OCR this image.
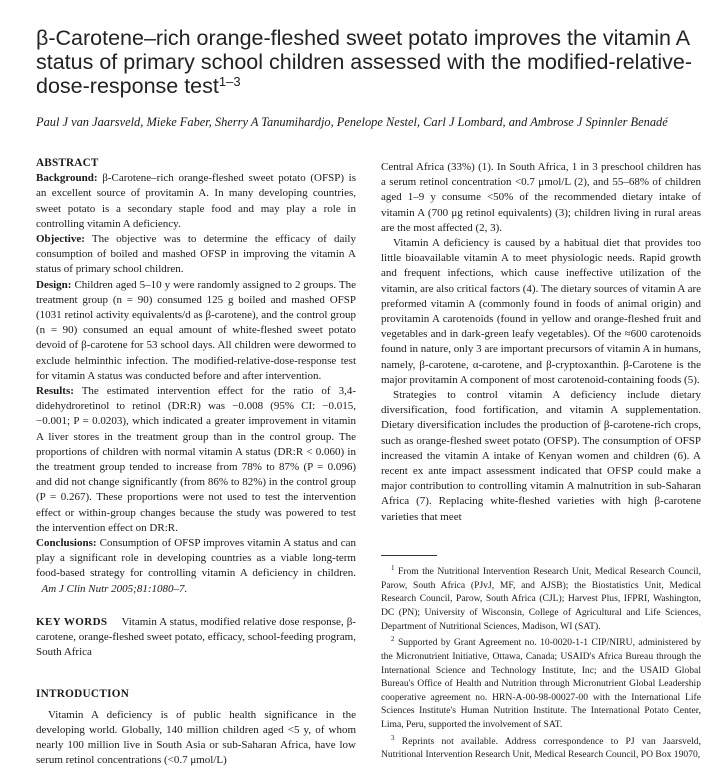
β-Carotene–rich orange-fleshed sweet potato improves the vitamin A status of primary school children assessed with the modified-relative-dose-response test$^{1-3}$

Paul J van Jaarsveld, Mieke Faber, Sherry A Tanumihardjo, Penelope Nestel, Carl J Lombard, and Ambrose J Spinnler Benadé

ABSTRACT

Background: β-Carotene–rich orange-fleshed sweet potato (OFSP) is an excellent source of provitamin A. In many developing countries, sweet potato is a secondary staple food and may play a role in controlling vitamin A deficiency.

Objective: The objective was to determine the efficacy of daily consumption of boiled and mashed OFSP in improving the vitamin A status of primary school children.

Design: Children aged 5–10 y were randomly assigned to 2 groups. The treatment group (n = 90) consumed 125 g boiled and mashed OFSP (1031 retinol activity equivalents/d as β-carotene), and the control group (n = 90) consumed an equal amount of white-fleshed sweet potato devoid of β-carotene for 53 school days. All children were dewormed to exclude helminthic infection. The modified-relative-dose-response test for vitamin A status was conducted before and after intervention.

Results: The estimated intervention effect for the ratio of 3,4-didehydroretinol to retinol (DR:R) was −0.008 (95% CI: −0.015, −0.001; P = 0.0203), which indicated a greater improvement in vitamin A liver stores in the treatment group than in the control group. The proportions of children with normal vitamin A status (DR:R < 0.060) in the treatment group tended to increase from 78% to 87% (P = 0.096) and did not change significantly (from 86% to 82%) in the control group (P = 0.267). These proportions were not used to test the intervention effect or within-group changes because the study was powered to test the intervention effect on DR:R.

Conclusions: Consumption of OFSP improves vitamin A status and can play a significant role in developing countries as a viable long-term food-based strategy for controlling vitamin A deficiency in children.   Am J Clin Nutr 2005;81:1080–7.

KEY WORDS Vitamin A status, modified relative dose response, β-carotene, orange-fleshed sweet potato, efficacy, school-feeding program, South Africa

INTRODUCTION

Vitamin A deficiency is of public health significance in the developing world. Globally, 140 million children aged <5 y, of whom nearly 100 million live in South Asia or sub-Saharan Africa, have low serum retinol concentrations (<0.7 μmol/L)

Central Africa (33%) (1). In South Africa, 1 in 3 preschool children has a serum retinol concentration <0.7 μmol/L (2), and 55–68% of children aged 1–9 y consume <50% of the recommended dietary intake of vitamin A (700 μg retinol equivalents) (3); children living in rural areas are the most affected (2, 3).

Vitamin A deficiency is caused by a habitual diet that provides too little bioavailable vitamin A to meet physiologic needs. Rapid growth and frequent infections, which cause ineffective utilization of the vitamin, are also critical factors (4). The dietary sources of vitamin A are preformed vitamin A (commonly found in foods of animal origin) and provitamin A carotenoids (found in yellow and orange-fleshed fruit and vegetables and in dark-green leafy vegetables). Of the ≈600 carotenoids found in nature, only 3 are important precursors of vitamin A in humans, namely, β-carotene, α-carotene, and β-cryptoxanthin. β-Carotene is the major provitamin A component of most carotenoid-containing foods (5).

Strategies to control vitamin A deficiency include dietary diversification, food fortification, and vitamin A supplementation. Dietary diversification includes the production of β-carotene-rich crops, such as orange-fleshed sweet potato (OFSP). The consumption of OFSP increased the vitamin A intake of Kenyan women and children (6). A recent ex ante impact assessment indicated that OFSP could make a major contribution to controlling vitamin A malnutrition in sub-Saharan Africa (7). Replacing white-fleshed varieties with high β-carotene varieties that meet

$^1$ From the Nutritional Intervention Research Unit, Medical Research Council, Parow, South Africa (PJvJ, MF, and AJSB); the Biostatistics Unit, Medical Research Council, Parow, South Africa (CJL); Harvest Plus, IFPRI, Washington, DC (PN); University of Wisconsin, College of Agricultural and Life Sciences, Department of Nutritional Sciences, Madison, WI (SAT).

$^2$ Supported by Grant Agreement no. 10-0020-1-1 CIP/NIRU, administered by the Micronutrient Initiative, Ottawa, Canada; USAID's Africa Bureau through the International Science and Technology Institute, Inc; and the USAID Global Bureau's Office of Health and Nutrition through Micronutrient Global Leadership cooperative agreement no. HRN-A-00-98-00027-00 with the International Life Sciences Institute's Human Nutrition Institute. The International Potato Center, Lima, Peru, supported the involvement of SAT.

$^3$ Reprints not available. Address correspondence to PJ van Jaarsveld, Nutritional Intervention Research Unit, Medical Research Council, PO Box 19070,
